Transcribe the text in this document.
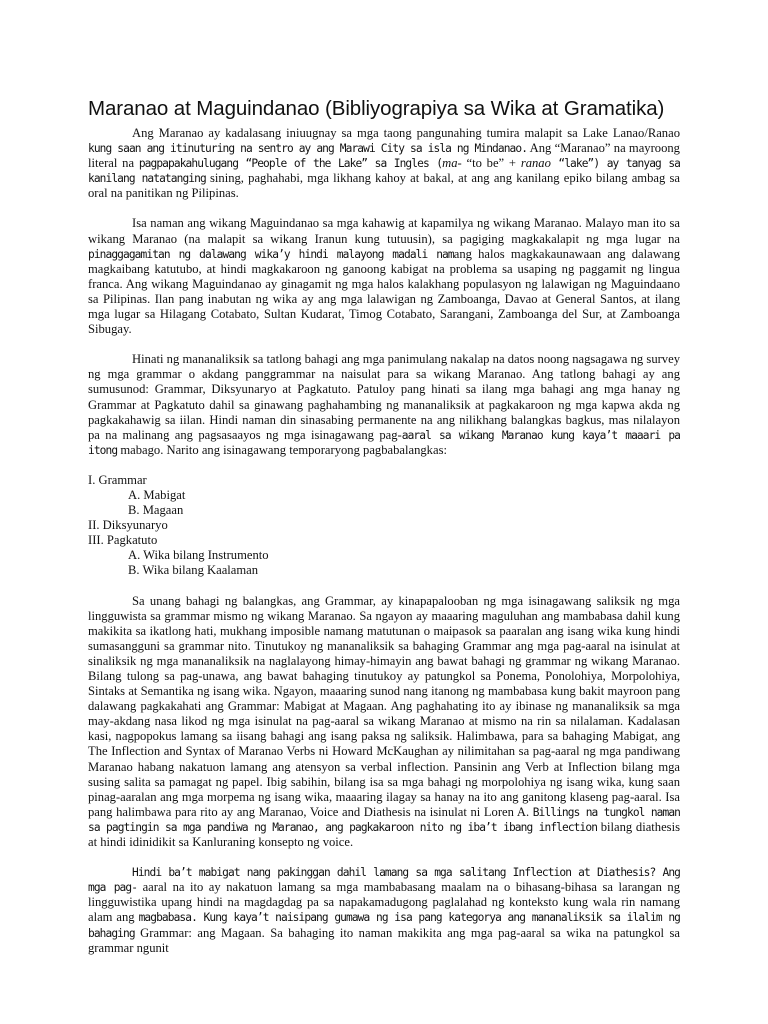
Maranao at Maguindanao (Bibliyograpiya sa Wika at Gramatika)

Ang Maranao ay kadalasang iniuugnay sa mga taong pangunahing tumira malapit sa Lake Lanao/Ranao kung saan ang itinuturing na sentro ay ang Marawi City sa isla ng Mindanao. Ang “Maranao” na mayroong literal na pagpapakahulugang “People of the Lake” sa Ingles (ma- “to be” + ranao “lake”) ay tanyag sa kanilang natatanging sining, paghahabi, mga likhang kahoy at bakal, at ang ang kanilang epiko bilang ambag sa oral na panitikan ng Pilipinas.

Isa naman ang wikang Maguindanao sa mga kahawig at kapamilya ng wikang Maranao. Malayo man ito sa wikang Maranao (na malapit sa wikang Iranun kung tutuusin), sa pagiging magkakalapit ng mga lugar na pinaggagamitan ng dalawang wika’y hindi malayong madali namang halos magkakaunawaan ang dalawang magkaibang katutubo, at hindi magkakaroon ng ganoong kabigat na problema sa usaping ng paggamit ng lingua franca. Ang wikang Maguindanao ay ginagamit ng mga halos kalakhang populasyon ng lalawigan ng Maguindaano sa Pilipinas. Ilan pang inabutan ng wika ay ang mga lalawigan ng Zamboanga, Davao at General Santos, at ilang mga lugar sa Hilagang Cotabato, Sultan Kudarat, Timog Cotabato, Sarangani, Zamboanga del Sur, at Zamboanga Sibugay.

Hinati ng mananaliksik sa tatlong bahagi ang mga panimulang nakalap na datos noong nagsagawa ng survey ng mga grammar o akdang panggrammar na naisulat para sa wikang Maranao. Ang tatlong bahagi ay ang sumusunod: Grammar, Diksyunaryo at Pagkatuto. Patuloy pang hinati sa ilang mga bahagi ang mga hanay ng Grammar at Pagkatuto dahil sa ginawang paghahambing ng mananaliksik at pagkakaroon ng mga kapwa akda ng pagkakahawig sa iilan. Hindi naman din sinasabing permanente na ang nilikhang balangkas bagkus, mas nilalayon pa na malinang ang pagsasaayos ng mga isinagawang pag-aaral sa wikang Maranao kung kaya’t maaari pa itong mabago. Narito ang isinagawang temporaryong pagbabalangkas:

I. Grammar
A. Mabigat
B. Magaan
II. Diksyunaryo
III. Pagkatuto
A. Wika bilang Instrumento
B. Wika bilang Kaalaman

Sa unang bahagi ng balangkas, ang Grammar, ay kinapapalooban ng mga isinagawang saliksik ng mga lingguwista sa grammar mismo ng wikang Maranao. Sa ngayon ay maaaring maguluhan ang mambabasa dahil kung makikita sa ikatlong hati, mukhang imposible namang matutunan o maipasok sa paaralan ang isang wika kung hindi sumasangguni sa grammar nito. Tinutukoy ng mananaliksik sa bahaging Grammar ang mga pag-aaral na isinulat at sinaliksik ng mga mananaliksik na naglalayong himay-himayin ang bawat bahagi ng grammar ng wikang Maranao. Bilang tulong sa pag-unawa, ang bawat bahaging tinutukoy ay patungkol sa Ponema, Ponolohiya, Morpolohiya, Sintaks at Semantika ng isang wika. Ngayon, maaaring sunod nang itanong ng mambabasa kung bakit mayroon pang dalawang pagkakahati ang Grammar: Mabigat at Magaan. Ang paghahating ito ay ibinase ng mananaliksik sa mga may-akdang nasa likod ng mga isinulat na pag-aaral sa wikang Maranao at mismo na rin sa nilalaman. Kadalasan kasi, nagpopokus lamang sa iisang bahagi ang isang paksa ng saliksik. Halimbawa, para sa bahaging Mabigat, ang The Inflection and Syntax of Maranao Verbs ni Howard McKaughan ay nilimitahan sa pag-aaral ng mga pandiwang Maranao habang nakatuon lamang ang atensyon sa verbal inflection. Pansinin ang Verb at Inflection bilang mga susing salita sa pamagat ng papel. Ibig sabihin, bilang isa sa mga bahagi ng morpolohiya ng isang wika, kung saan pinag-aaralan ang mga morpema ng isang wika, maaaring ilagay sa hanay na ito ang ganitong klaseng pag-aaral. Isa pang halimbawa para rito ay ang Maranao, Voice and Diathesis na isinulat ni Loren A. Billings na tungkol naman sa pagtingin sa mga pandiwa ng Maranao, ang pagkakaroon nito ng iba’t ibang inflection bilang diathesis at hindi idinidikit sa Kanluraning konsepto ng voice.

Hindi ba’t mabigat nang pakinggan dahil lamang sa mga salitang Inflection at Diathesis? Ang mga pag- aaral na ito ay nakatuon lamang sa mga mambabasang maalam na o bihasang-bihasa sa larangan ng lingguwistika upang hindi na magdagdag pa sa napakamadugong paglalahad ng konteksto kung wala rin namang alam ang magbabasa. Kung kaya’t naisipang gumawa ng isa pang kategorya ang mananaliksik sa ilalim ng bahaging Grammar: ang Magaan. Sa bahaging ito naman makikita ang mga pag-aaral sa wika na patungkol sa grammar ngunit
